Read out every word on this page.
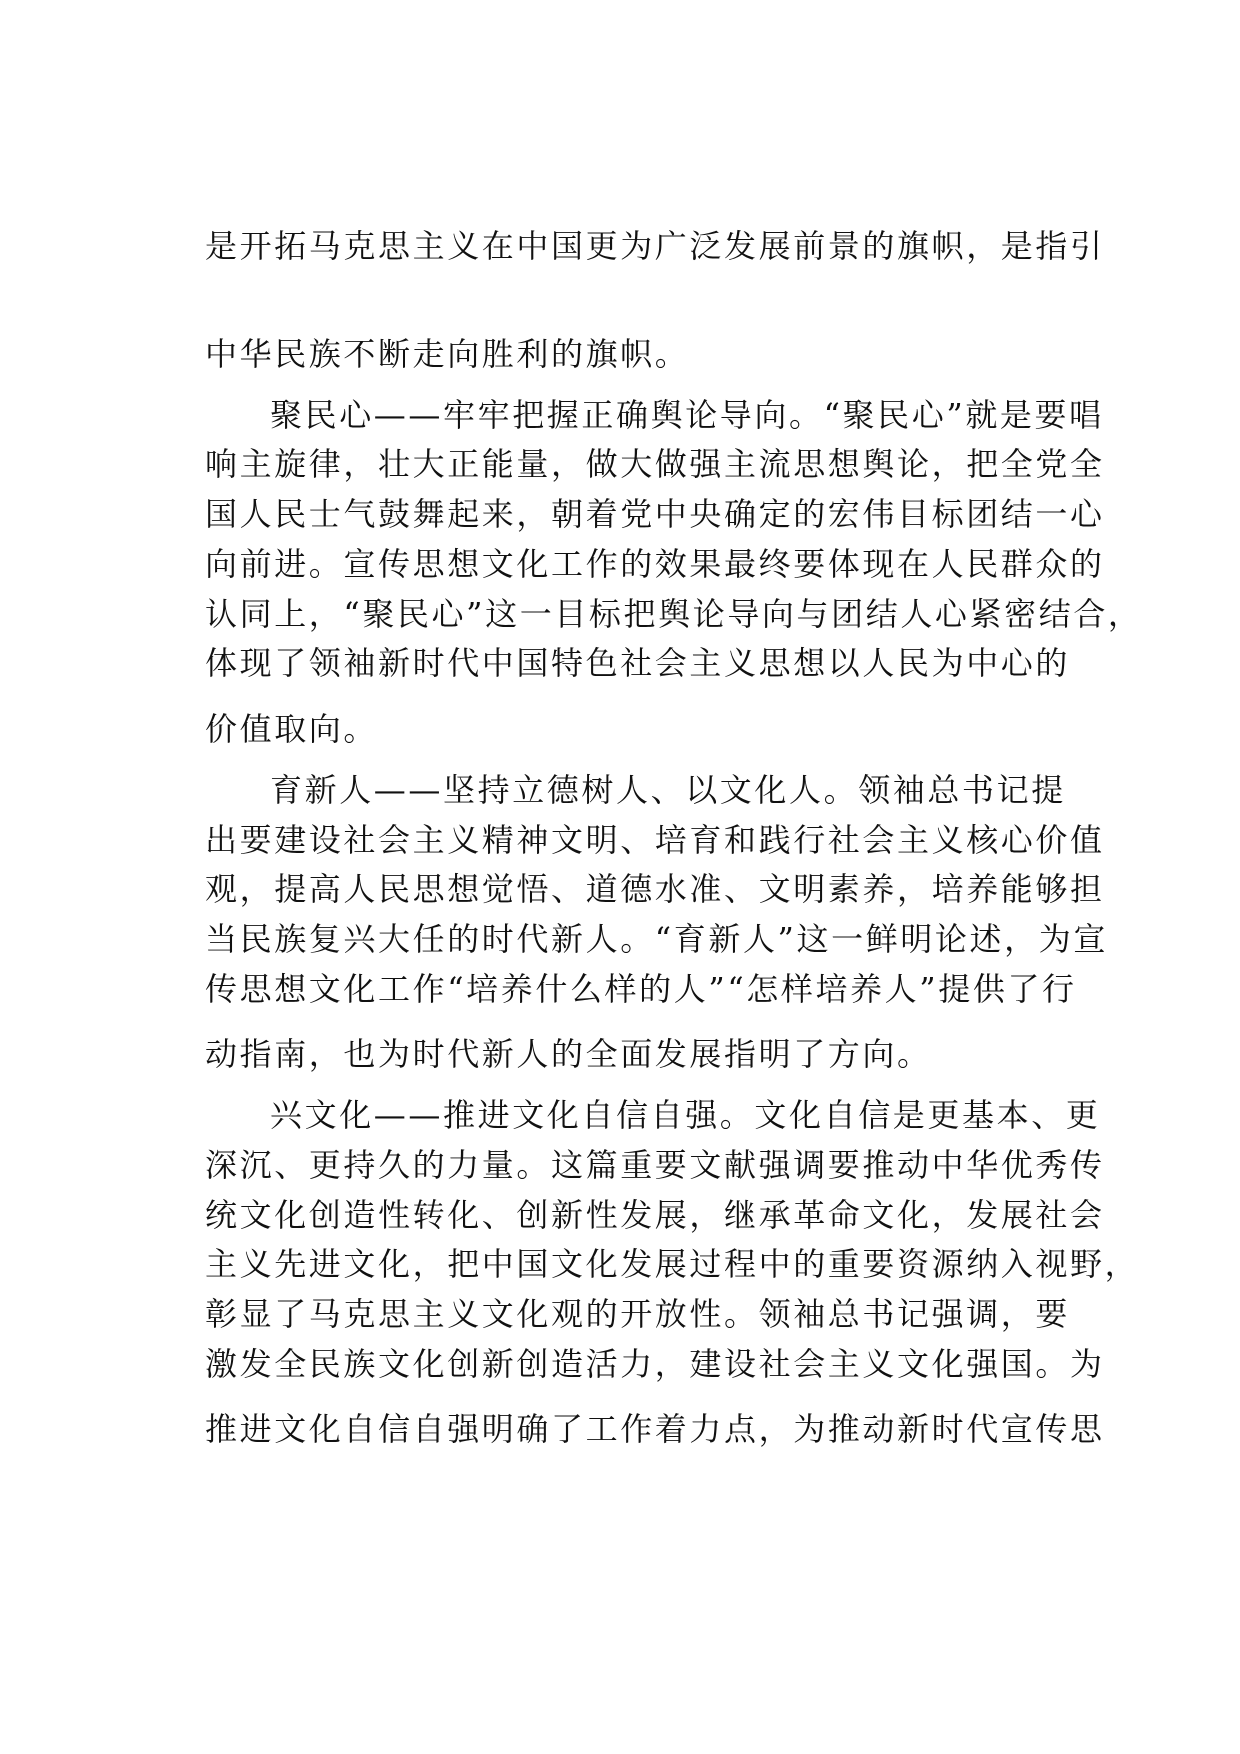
是开拓马克思主义在中国更为广泛发展前景的旗帜，是指引
中华民族不断走向胜利的旗帜。
聚民心——牢牢把握正确舆论导向。“聚民心”就是要唱
响主旋律，壮大正能量，做大做强主流思想舆论，把全党全
国人民士气鼓舞起来，朝着党中央确定的宏伟目标团结一心
向前进。宣传思想文化工作的效果最终要体现在人民群众的
认同上，“聚民心”这一目标把舆论导向与团结人心紧密结合，
体现了领袖新时代中国特色社会主义思想以人民为中心的
价值取向。
育新人——坚持立德树人、以文化人。领袖总书记提
出要建设社会主义精神文明、培育和践行社会主义核心价值
观，提高人民思想觉悟、道德水准、文明素养，培养能够担
当民族复兴大任的时代新人。“育新人”这一鲜明论述，为宣
传思想文化工作“培养什么样的人”“怎样培养人”提供了行
动指南，也为时代新人的全面发展指明了方向。
兴文化——推进文化自信自强。文化自信是更基本、更
深沉、更持久的力量。这篇重要文献强调要推动中华优秀传
统文化创造性转化、创新性发展，继承革命文化，发展社会
主义先进文化，把中国文化发展过程中的重要资源纳入视野，
彰显了马克思主义文化观的开放性。领袖总书记强调，要
激发全民族文化创新创造活力，建设社会主义文化强国。为
推进文化自信自强明确了工作着力点，为推动新时代宣传思
